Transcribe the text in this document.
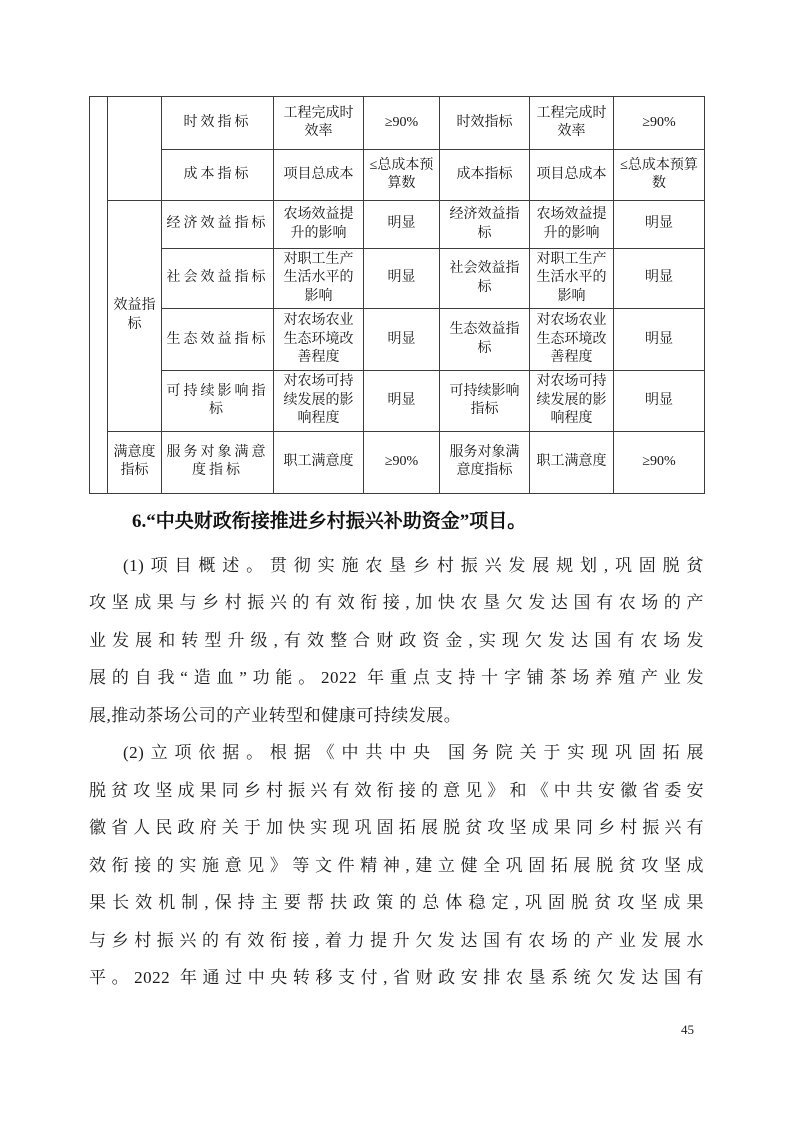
		时效指标	工程完成时效率	≥90%	时效指标	工程完成时效率	≥90%
		成本指标	项目总成本	≤总成本预算数	成本指标	项目总成本	≤总成本预算数
	效益指标	经济效益指标	农场效益提升的影响	明显	经济效益指标	农场效益提升的影响	明显
		社会效益指标	对职工生产生活水平的影响	明显	社会效益指标	对职工生产生活水平的影响	明显
		生态效益指标	对农场农业生态环境改善程度	明显	生态效益指标	对农场农业生态环境改善程度	明显
		可持续影响指标	对农场可持续发展的影响程度	明显	可持续影响指标	对农场可持续发展的影响程度	明显
	满意度指标	服务对象满意度指标	职工满意度	≥90%	服务对象满意度指标	职工满意度	≥90%
6.“中央财政衔接推进乡村振兴补助资金”项目。
(1)项目概述。贯彻实施农垦乡村振兴发展规划,巩固脱贫
攻坚成果与乡村振兴的有效衔接,加快农垦欠发达国有农场的产
业发展和转型升级,有效整合财政资金,实现欠发达国有农场发
展的自我“造血”功能。2022 年重点支持十字铺茶场养殖产业发
展,推动茶场公司的产业转型和健康可持续发展。
(2)立项依据。根据《中共中央 国务院关于实现巩固拓展
脱贫攻坚成果同乡村振兴有效衔接的意见》和《中共安徽省委安
徽省人民政府关于加快实现巩固拓展脱贫攻坚成果同乡村振兴有
效衔接的实施意见》等文件精神,建立健全巩固拓展脱贫攻坚成
果长效机制,保持主要帮扶政策的总体稳定,巩固脱贫攻坚成果
与乡村振兴的有效衔接,着力提升欠发达国有农场的产业发展水
平。2022 年通过中央转移支付,省财政安排农垦系统欠发达国有
45
